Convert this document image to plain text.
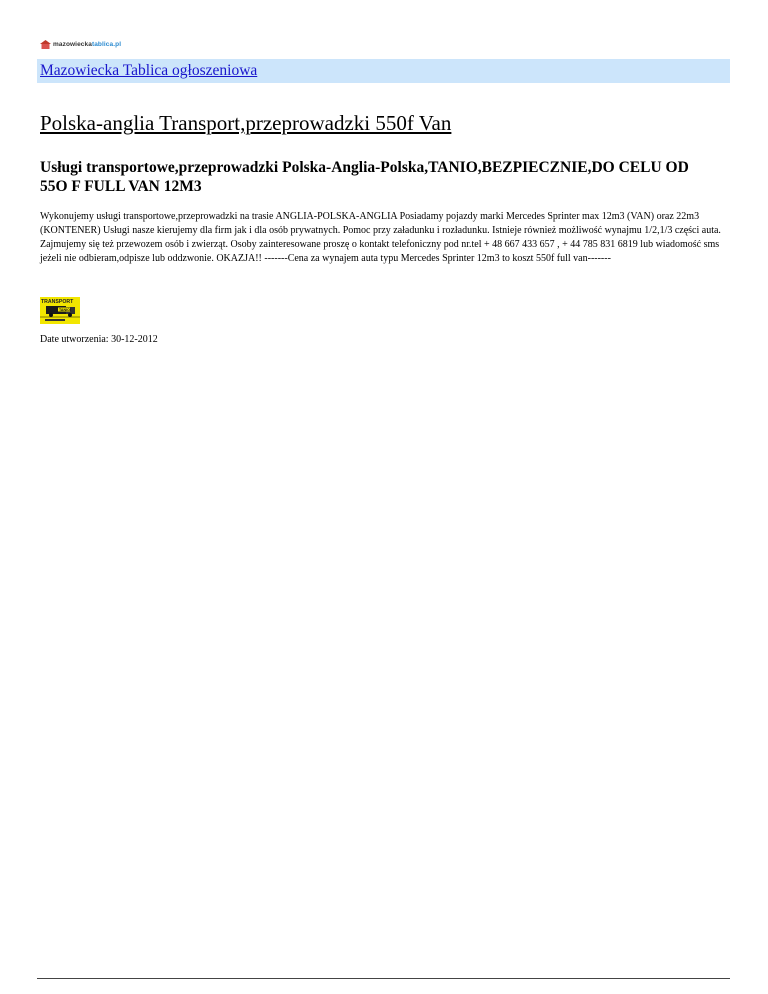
mazowieckatablica.pl
Mazowiecka Tablica ogłoszeniowa
Polska-anglia Transport,przeprowadzki 550f Van
Usługi transportowe,przeprowadzki Polska-Anglia-Polska,TANIO,BEZPIECZNIE,DO CELU OD 55O F FULL VAN 12M3

Wykonujemy usługi transportowe,przeprowadzki na trasie ANGLIA-POLSKA-ANGLIA Posiadamy pojazdy marki Mercedes Sprinter max 12m3 (VAN) oraz 22m3 (KONTENER) Usługi nasze kierujemy dla firm jak i dla osób prywatnych. Pomoc przy załadunku i rozładunku. Istnieje również możliwość wynajmu 1/2,1/3 części auta. Zajmujemy się też przewozem osób i zwierząt. Osoby zainteresowane proszę o kontakt telefoniczny pod nr.tel + 48 667 433 657 , + 44 785 831 6819 lub wiadomość sms jeżeli nie odbieram,odpisze lub oddzwonie. OKAZJA!! -------Cena za wynajem auta typu Mercedes Sprinter 12m3 to koszt 550f full van-------

TRANSPORT
TANIO!

Date utworzenia: 30-12-2012
